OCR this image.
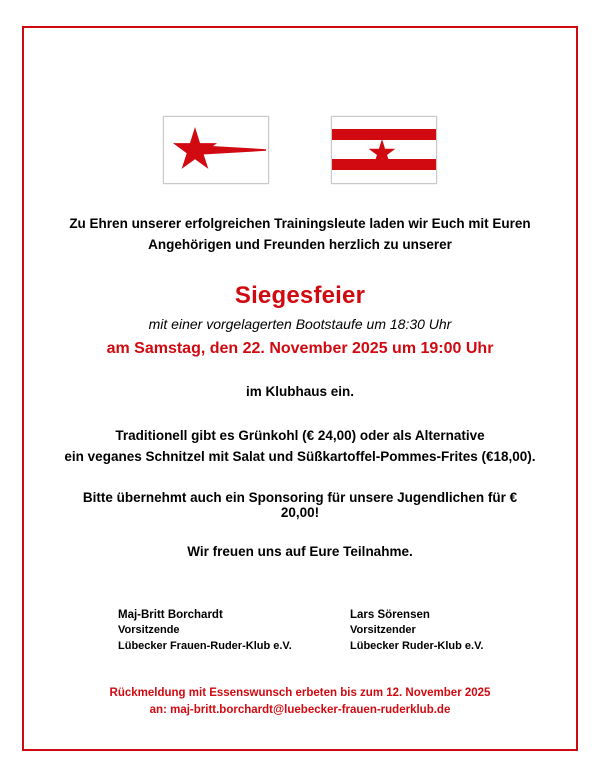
Zu Ehren unserer erfolgreichen Trainingsleute laden wir Euch mit Euren
Angehörigen und Freunden herzlich zu unserer

Siegesfeier

mit einer vorgelagerten Bootstaufe um 18:30 Uhr

am Samstag, den 22. November 2025 um 19:00 Uhr

im Klubhaus ein.

Traditionell gibt es Grünkohl (€ 24,00) oder als Alternative
ein veganes Schnitzel mit Salat und Süßkartoffel-Pommes-Frites (€18,00).

Bitte übernehmt auch ein Sponsoring für unsere Jugendlichen für € 20,00!

Wir freuen uns auf Eure Teilnahme.

Maj-Britt Borchardt
Vorsitzende
Lübecker Frauen-Ruder-Klub e.V.
Lars Sörensen
Vorsitzender
Lübecker Ruder-Klub e.V.

Rückmeldung mit Essenswunsch erbeten bis zum 12. November 2025
an: maj-britt.borchardt@luebecker-frauen-ruderklub.de
